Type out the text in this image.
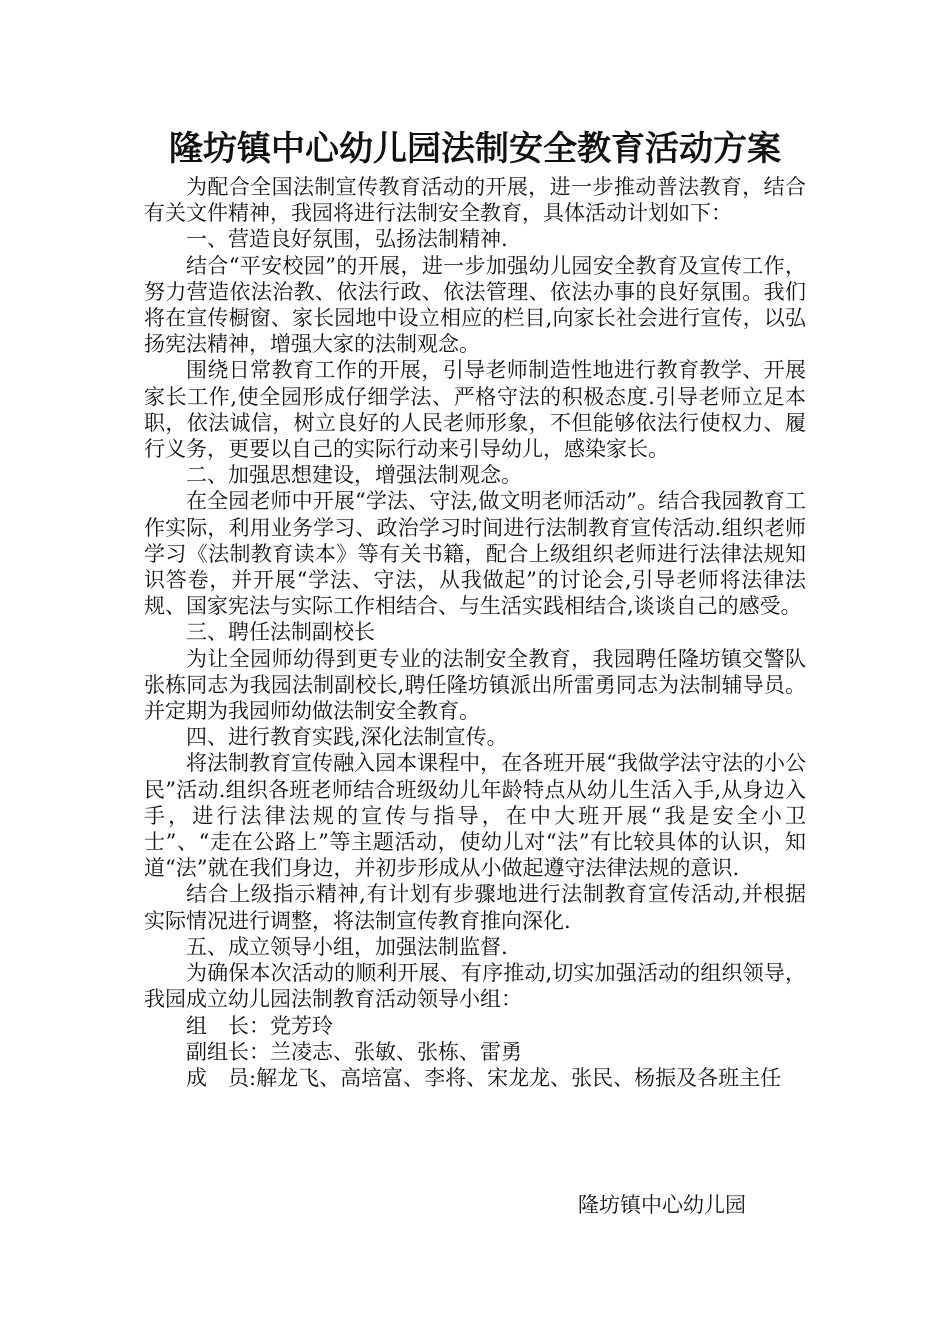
隆坊镇中心幼儿园法制安全教育活动方案

为配合全国法制宣传教育活动的开展，进一步推动普法教育，结合有关文件精神，我园将进行法制安全教育，具体活动计划如下：

一、营造良好氛围，弘扬法制精神.

结合“平安校园”的开展，进一步加强幼儿园安全教育及宣传工作，努力营造依法治教、依法行政、依法管理、依法办事的良好氛围。我们将在宣传橱窗、家长园地中设立相应的栏目,向家长社会进行宣传，以弘扬宪法精神，增强大家的法制观念。

围绕日常教育工作的开展，引导老师制造性地进行教育教学、开展家长工作,使全园形成仔细学法、严格守法的积极态度.引导老师立足本职，依法诚信，树立良好的人民老师形象，不但能够依法行使权力、履行义务，更要以自己的实际行动来引导幼儿，感染家长。

二、加强思想建设，增强法制观念。

在全园老师中开展“学法、守法,做文明老师活动”。结合我园教育工作实际，利用业务学习、政治学习时间进行法制教育宣传活动.组织老师学习《法制教育读本》等有关书籍，配合上级组织老师进行法律法规知识答卷，并开展“学法、守法，从我做起”的讨论会,引导老师将法律法规、国家宪法与实际工作相结合、与生活实践相结合,谈谈自己的感受。

三、聘任法制副校长

为让全园师幼得到更专业的法制安全教育，我园聘任隆坊镇交警队张栋同志为我园法制副校长,聘任隆坊镇派出所雷勇同志为法制辅导员。并定期为我园师幼做法制安全教育。

四、进行教育实践,深化法制宣传。

将法制教育宣传融入园本课程中，在各班开展“我做学法守法的小公民”活动.组织各班老师结合班级幼儿年龄特点从幼儿生活入手,从身边入手，进行法律法规的宣传与指导，在中大班开展“我是安全小卫士”、“走在公路上”等主题活动，使幼儿对“法”有比较具体的认识，知道“法”就在我们身边，并初步形成从小做起遵守法律法规的意识.

结合上级指示精神,有计划有步骤地进行法制教育宣传活动,并根据实际情况进行调整，将法制宣传教育推向深化.

五、成立领导小组，加强法制监督.

为确保本次活动的顺利开展、有序推动,切实加强活动的组织领导，我园成立幼儿园法制教育活动领导小组：

组　长：党芳玲

副组长：兰凌志、张敏、张栋、雷勇

成　员:解龙飞、高培富、李将、宋龙龙、张民、杨振及各班主任

隆坊镇中心幼儿园
